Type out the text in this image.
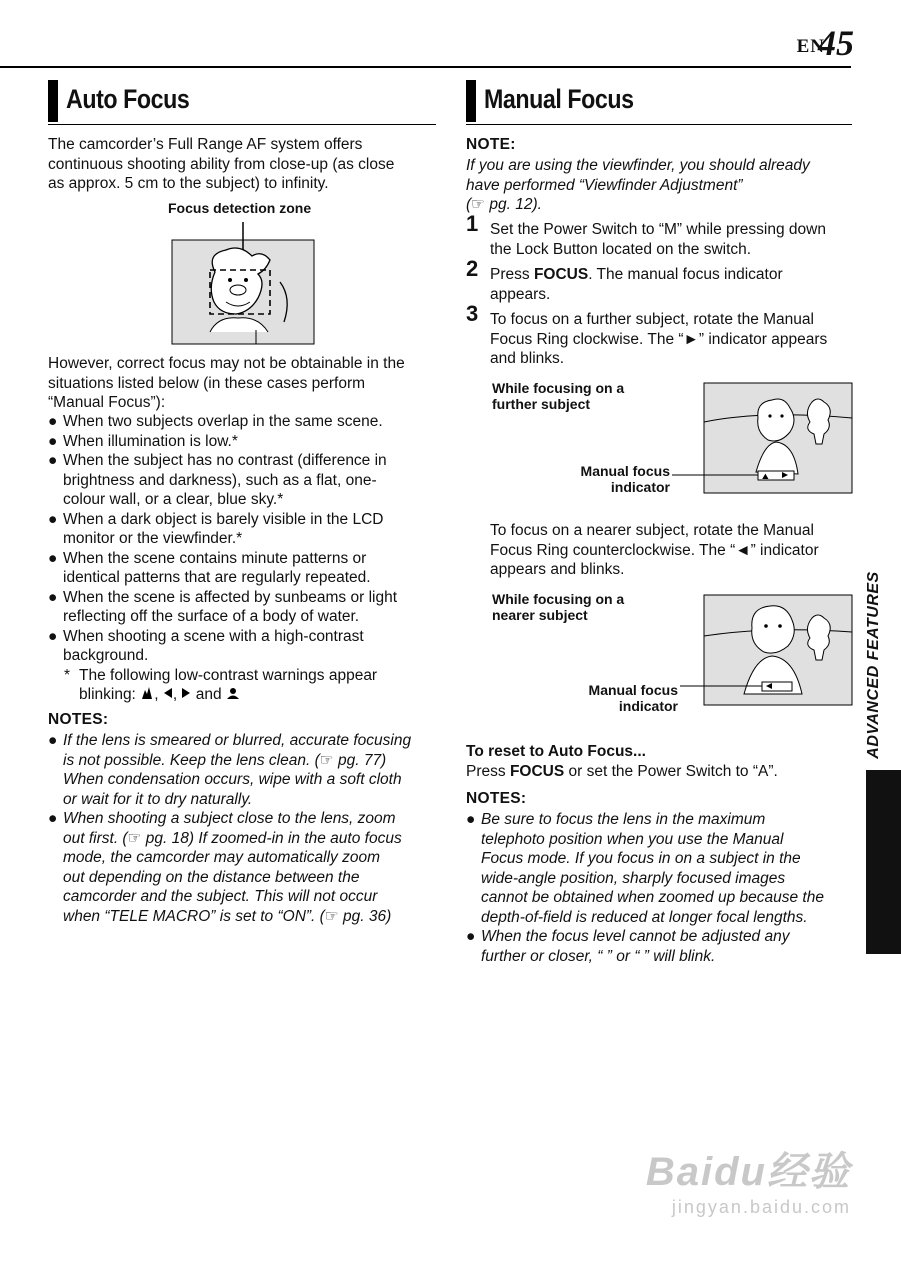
EN
45
Auto Focus
The camcorder’s Full Range AF system offers
continuous shooting ability from close-up (as close
as approx. 5 cm to the subject) to infinity.
Focus detection zone
However, correct focus may not be obtainable in the
situations listed below (in these cases perform
“Manual Focus”):
● When two subjects overlap in the same scene.
● When illumination is low.*
● When the subject has no contrast (difference in
brightness and darkness), such as a flat, one-
colour wall, or a clear, blue sky.*
● When a dark object is barely visible in the LCD
monitor or the viewfinder.*
● When the scene contains minute patterns or
identical patterns that are regularly repeated.
● When the scene is affected by sunbeams or light
reflecting off the surface of a body of water.
● When shooting a scene with a high-contrast
background.
* The following low-contrast warnings appear
blinking: , ,  and
NOTES:
● If the lens is smeared or blurred, accurate focusing
is not possible. Keep the lens clean. (☞ pg. 77)
When condensation occurs, wipe with a soft cloth
or wait for it to dry naturally.
● When shooting a subject close to the lens, zoom
out first. (☞ pg. 18) If zoomed-in in the auto focus
mode, the camcorder may automatically zoom
out depending on the distance between the
camcorder and the subject. This will not occur
when “TELE MACRO” is set to “ON”. (☞ pg. 36)
Manual Focus
NOTE:
If you are using the viewfinder, you should already
have performed “Viewfinder Adjustment”
(☞ pg. 12).
1 Set the Power Switch to “M” while pressing down
the Lock Button located on the switch.
2 Press FOCUS. The manual focus indicator
appears.
3 To focus on a further subject, rotate the Manual
Focus Ring clockwise. The “►” indicator appears
and blinks.
While focusing on a
further subject
Manual focus
indicator
⛰
To focus on a nearer subject, rotate the Manual
Focus Ring counterclockwise. The “◄” indicator
appears and blinks.
While focusing on a
nearer subject
Manual focus
indicator
To reset to Auto Focus...
Press FOCUS or set the Power Switch to “A”.
NOTES:
● Be sure to focus the lens in the maximum
telephoto position when you use the Manual
Focus mode. If you focus in on a subject in the
wide-angle position, sharply focused images
cannot be obtained when zoomed up because the
depth-of-field is reduced at longer focal lengths.
● When the focus level cannot be adjusted any
further or closer, “ ” or “ ” will blink.
ADVANCED FEATURES
Baidu经验
jingyan.baidu.com
